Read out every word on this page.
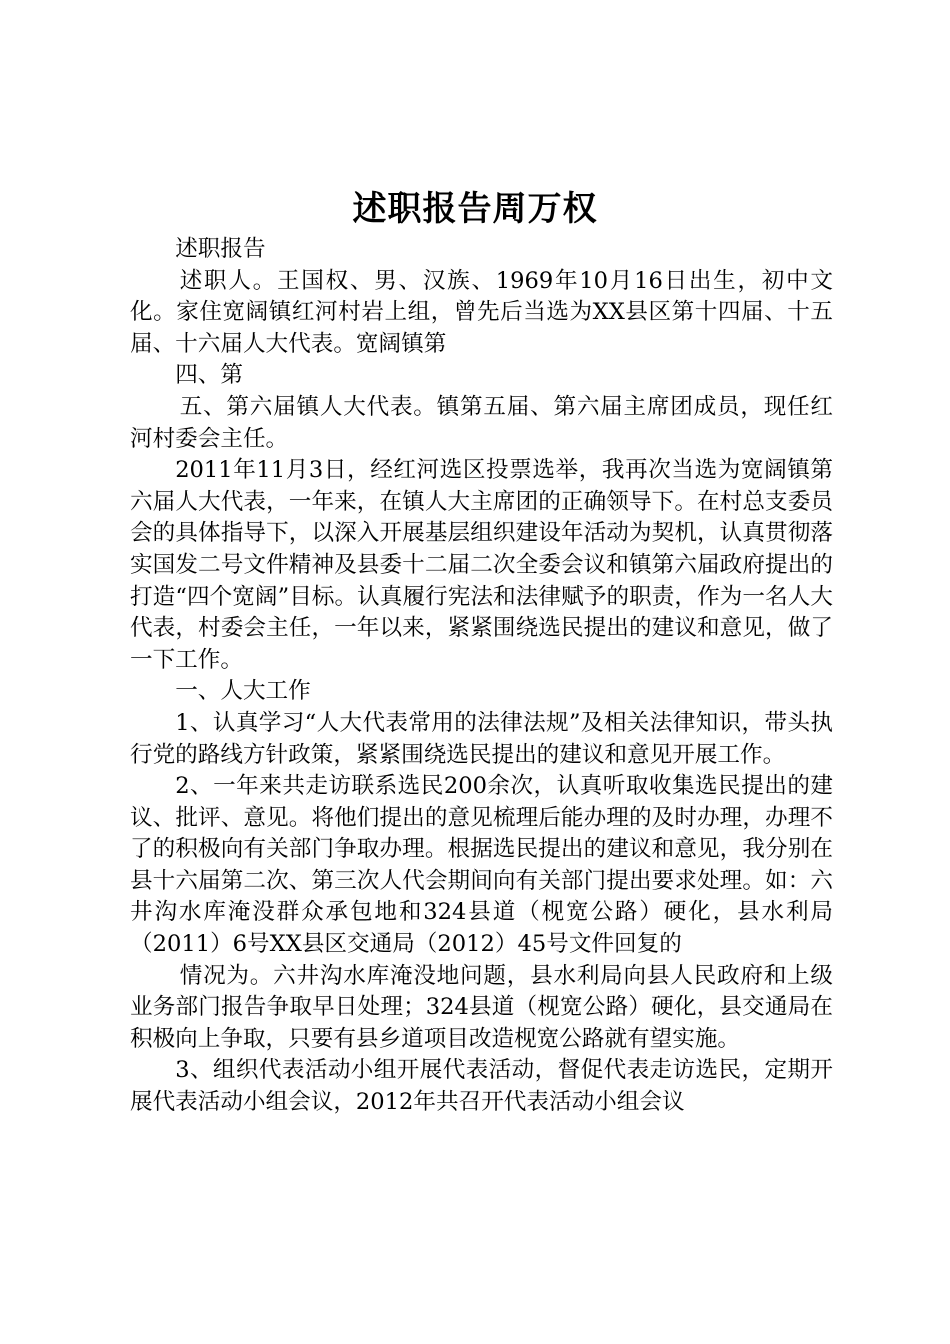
述职报告周万权

述职报告

述职人。王国权、男、汉族、1969年10月16日出生，初中文化。家住宽阔镇红河村岩上组，曾先后当选为XX县区第十四届、十五届、十六届人大代表。宽阔镇第

四、第

五、第六届镇人大代表。镇第五届、第六届主席团成员，现任红河村委会主任。

2011年11月3日，经红河选区投票选举，我再次当选为宽阔镇第六届人大代表，一年来，在镇人大主席团的正确领导下。在村总支委员会的具体指导下，以深入开展基层组织建设年活动为契机，认真贯彻落实国发二号文件精神及县委十二届二次全委会议和镇第六届政府提出的打造“四个宽阔”目标。认真履行宪法和法律赋予的职责，作为一名人大代表，村委会主任，一年以来，紧紧围绕选民提出的建议和意见，做了一下工作。

一、人大工作

1、认真学习“人大代表常用的法律法规”及相关法律知识，带头执行党的路线方针政策，紧紧围绕选民提出的建议和意见开展工作。

2、一年来共走访联系选民200余次，认真听取收集选民提出的建议、批评、意见。将他们提出的意见梳理后能办理的及时办理，办理不了的积极向有关部门争取办理。根据选民提出的建议和意见，我分别在县十六届第二次、第三次人代会期间向有关部门提出要求处理。如：六井沟水库淹没群众承包地和324县道（枧宽公路）硬化，县水利局（2011）6号XX县区交通局（2012）45号文件回复的

情况为。六井沟水库淹没地问题，县水利局向县人民政府和上级业务部门报告争取早日处理；324县道（枧宽公路）硬化，县交通局在积极向上争取，只要有县乡道项目改造枧宽公路就有望实施。

3、组织代表活动小组开展代表活动，督促代表走访选民，定期开展代表活动小组会议，2012年共召开代表活动小组会议
